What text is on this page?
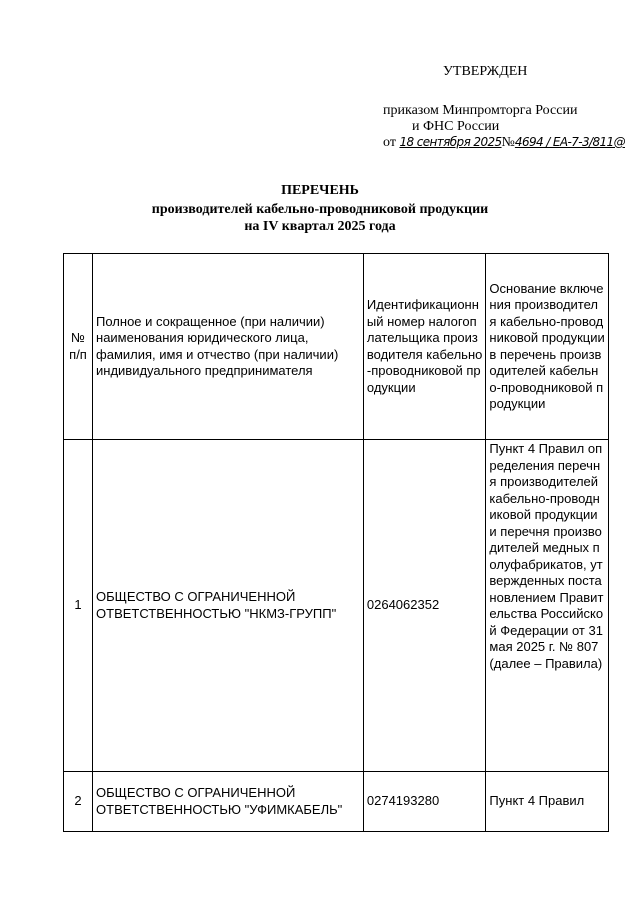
УТВЕРЖДЕН
приказом Минпромторга России
и ФНС России
от 18 сентября 2025№4694 / ЕА-7-3/811@
ПЕРЕЧЕНЬ
производителей кабельно-проводниковой продукции
на IV квартал 2025 года
№ п/п	Полное и сокращенное (при наличии) наименования юридического лица, фамилия, имя и отчество (при наличии) индивидуального предпринимателя	Идентификационный номер налогоплательщика производителя кабельно-проводниковой продукции	Основание включения производителя кабельно-проводниковой продукции в перечень производителей кабельно-проводниковой продукции
1	ОБЩЕСТВО С ОГРАНИЧЕННОЙ ОТВЕТСТВЕННОСТЬЮ "НКМЗ-ГРУПП"	0264062352	Пункт 4 Правил определения перечня производителей кабельно-проводниковой продукции и перечня производителей медных полуфабрикатов, утвержденных постановлением Правительства Российской Федерации от 31 мая 2025 г. № 807 (далее – Правила)
2	ОБЩЕСТВО С ОГРАНИЧЕННОЙ ОТВЕТСТВЕННОСТЬЮ "УФИМКАБЕЛЬ"	0274193280	Пункт 4 Правил
